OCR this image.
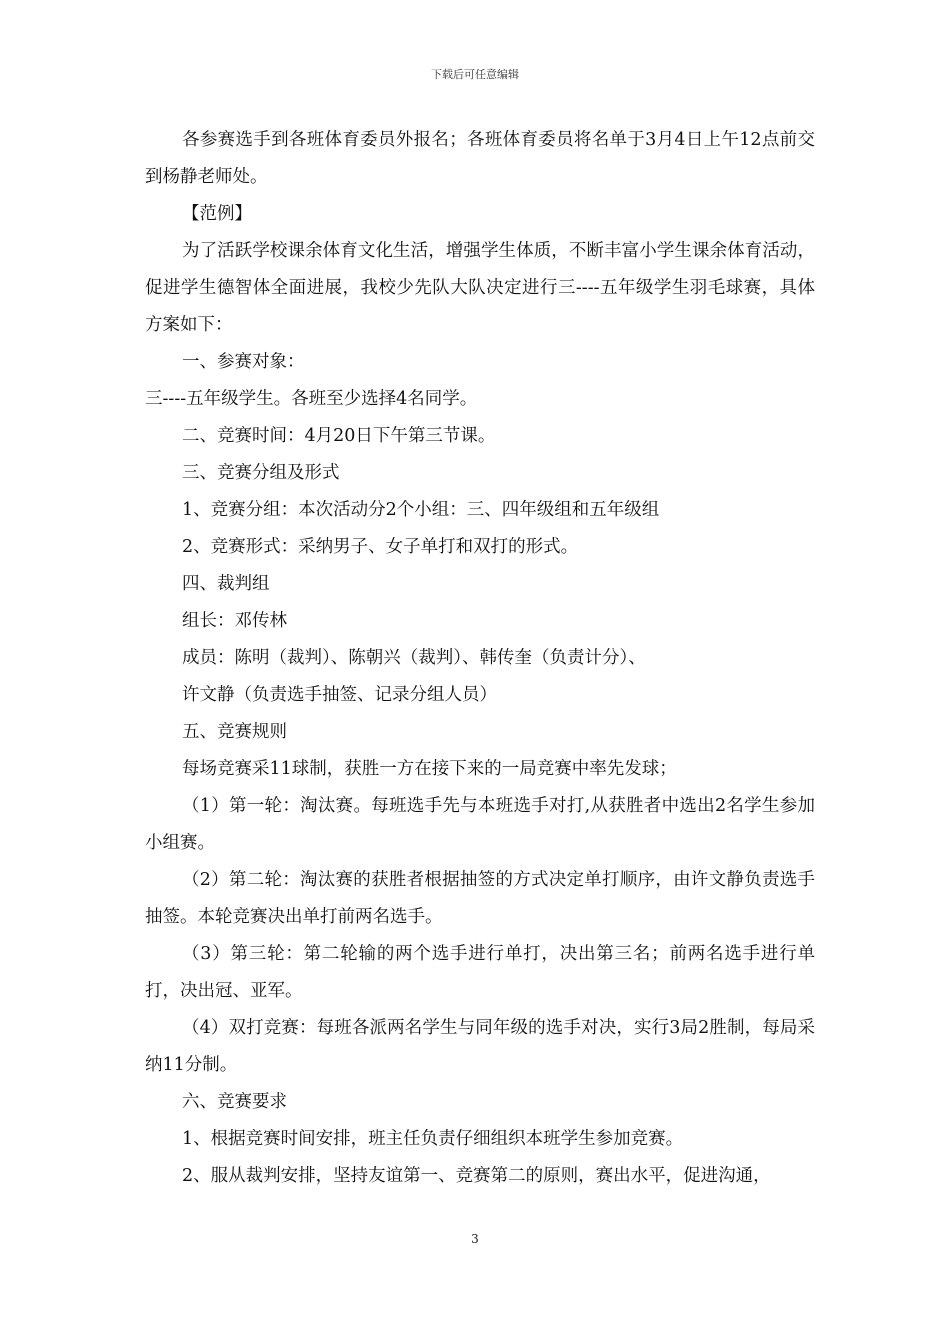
下载后可任意编辑

各参赛选手到各班体育委员外报名；各班体育委员将名单于3月4日上午12点前交到杨静老师处。

【范例】

为了活跃学校课余体育文化生活，增强学生体质，不断丰富小学生课余体育活动，促进学生德智体全面进展，我校少先队大队决定进行三----五年级学生羽毛球赛，具体方案如下：

一、参赛对象：

三----五年级学生。各班至少选择4名同学。

二、竞赛时间：4月20日下午第三节课。

三、竞赛分组及形式

1、竞赛分组：本次活动分2个小组：三、四年级组和五年级组

2、竞赛形式：采纳男子、女子单打和双打的形式。

四、裁判组

组长：邓传林

成员：陈明（裁判）、陈朝兴（裁判）、韩传奎（负责计分）、

许文静（负责选手抽签、记录分组人员）

五、竞赛规则

每场竞赛采11球制，获胜一方在接下来的一局竞赛中率先发球；

（1）第一轮：淘汰赛。每班选手先与本班选手对打,从获胜者中选出2名学生参加小组赛。

（2）第二轮：淘汰赛的获胜者根据抽签的方式决定单打顺序，由许文静负责选手抽签。本轮竞赛决出单打前两名选手。

（3）第三轮：第二轮输的两个选手进行单打，决出第三名；前两名选手进行单打，决出冠、亚军。

（4）双打竞赛：每班各派两名学生与同年级的选手对决，实行3局2胜制，每局采纳11分制。

六、竞赛要求

1、根据竞赛时间安排，班主任负责仔细组织本班学生参加竞赛。

2、服从裁判安排，坚持友谊第一、竞赛第二的原则，赛出水平，促进沟通，

3
